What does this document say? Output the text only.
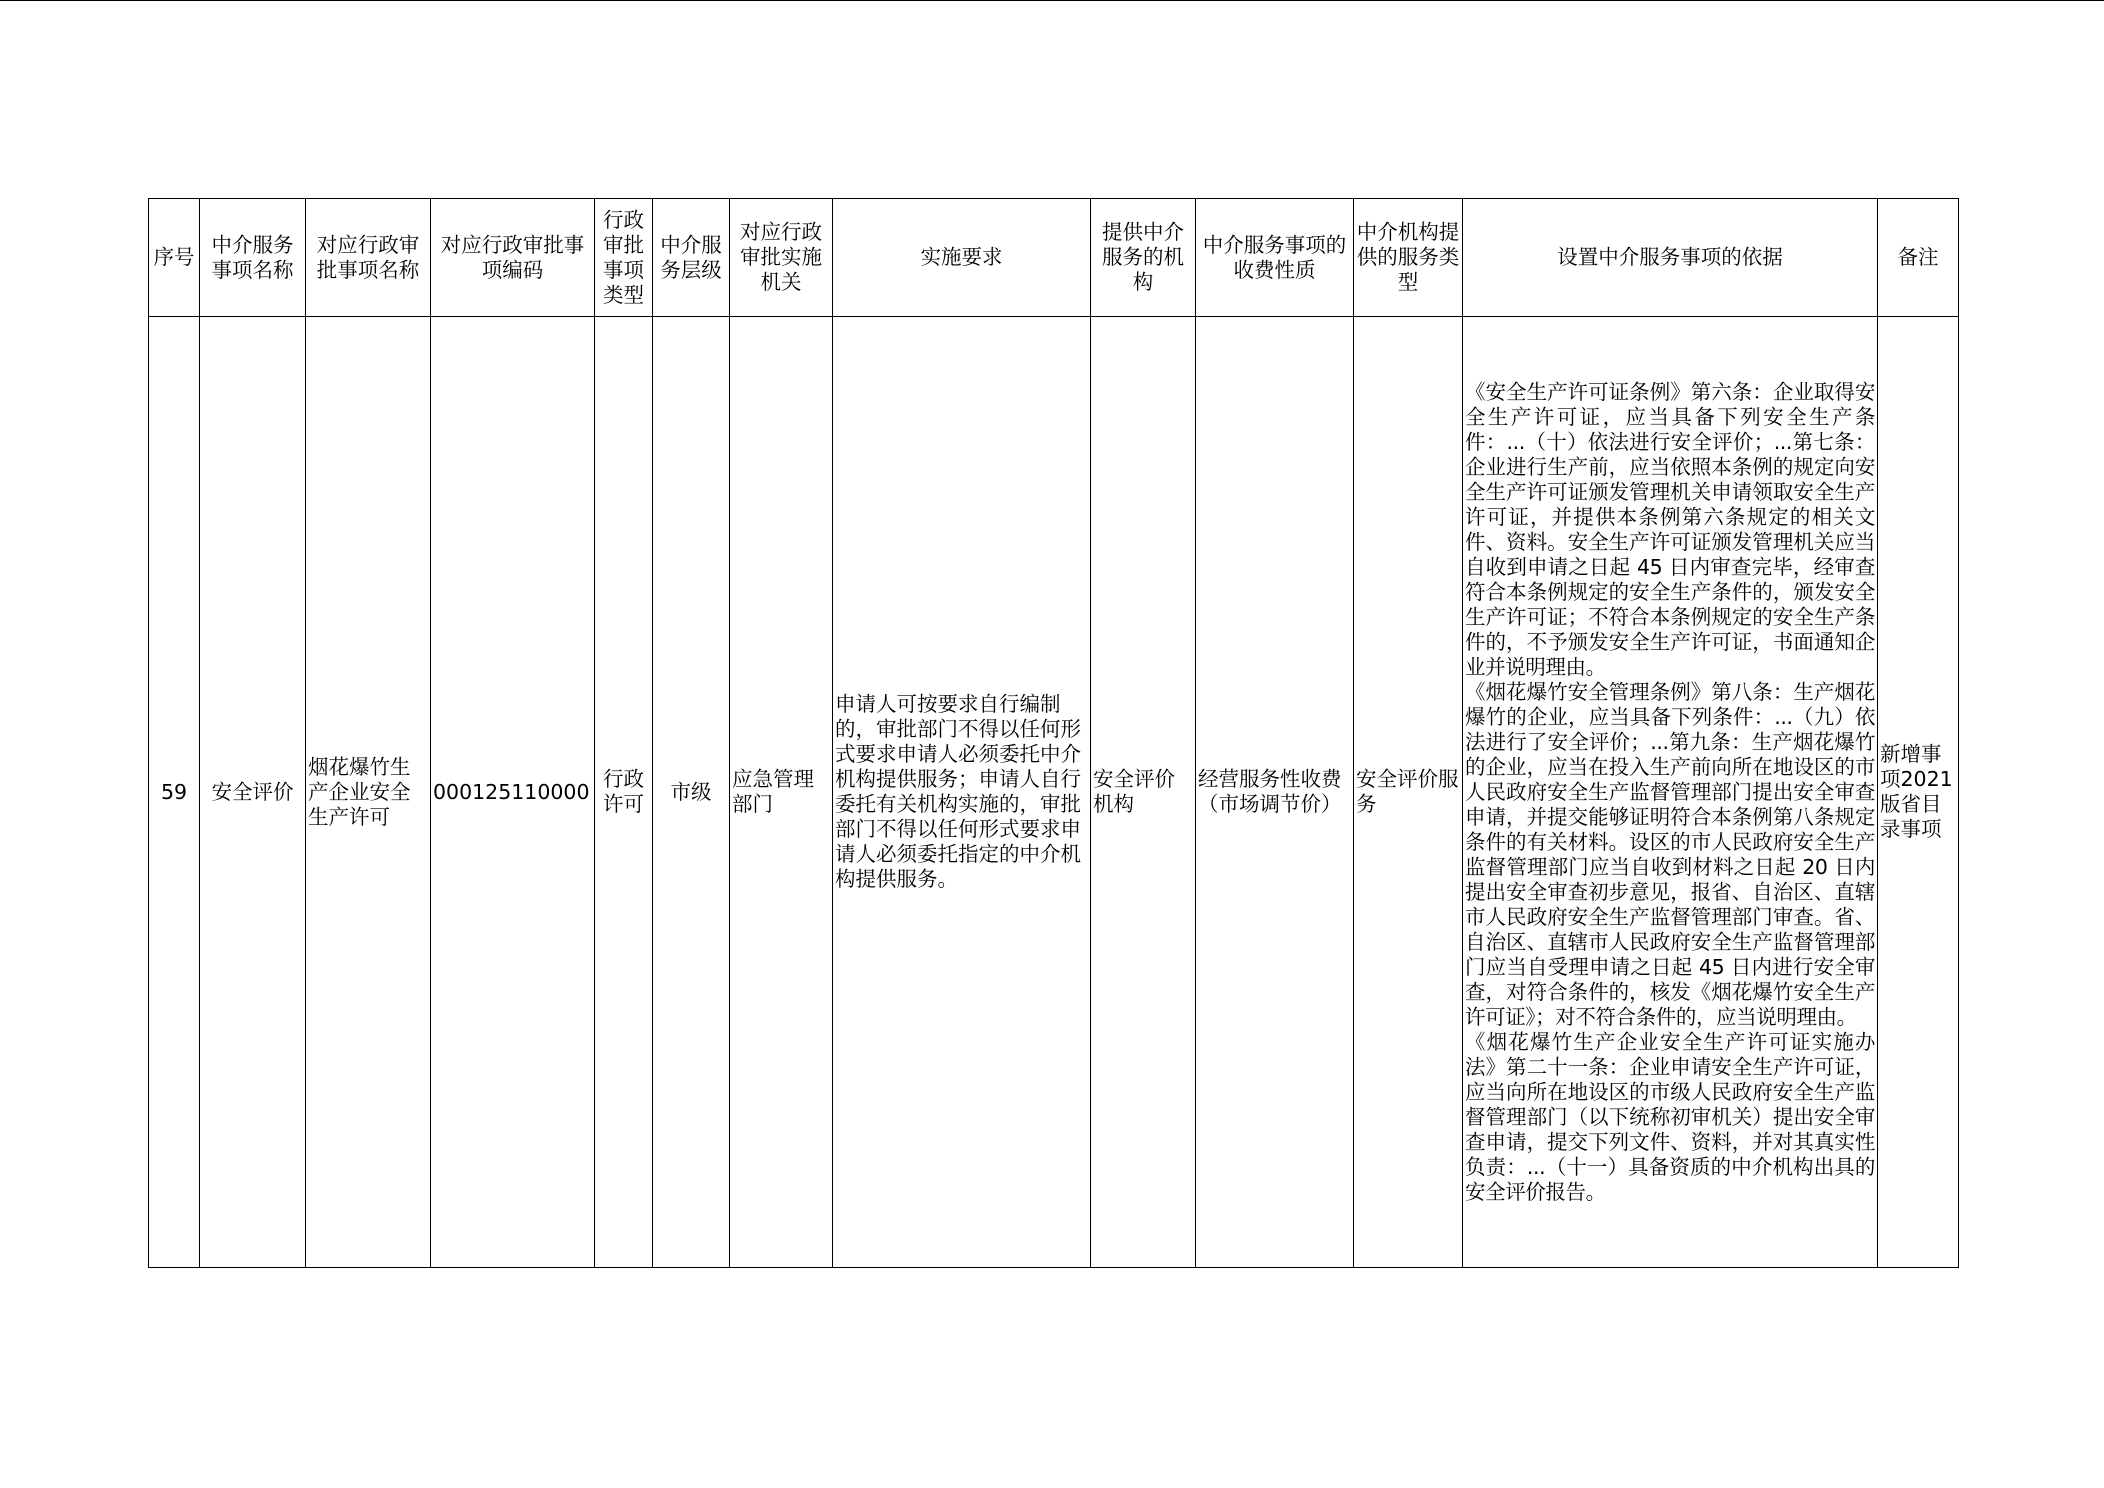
序号	中介服务事项名称	对应行政审批事项名称	对应行政审批事项编码	行政审批事项类型	中介服务层级	对应行政审批实施机关	实施要求	提供中介服务的机构	中介服务事项的收费性质	中介机构提供的服务类型	设置中介服务事项的依据	备注
59	安全评价	烟花爆竹生产企业安全生产许可	000125110000	行政许可	市级	应急管理部门	申请人可按要求自行编制的，审批部门不得以任何形式要求申请人必须委托中介机构提供服务；申请人自行委托有关机构实施的，审批部门不得以任何形式要求申请人必须委托指定的中介机构提供服务。	安全评价机构	经营服务性收费（市场调节价）	安全评价服务	《安全生产许可证条例》第六条：企业取得安全生产许可证，应当具备下列安全生产条件：...（十）依法进行安全评价；...第七条：企业进行生产前，应当依照本条例的规定向安全生产许可证颁发管理机关申请领取安全生产许可证，并提供本条例第六条规定的相关文件、资料。安全生产许可证颁发管理机关应当自收到申请之日起 45 日内审查完毕，经审查符合本条例规定的安全生产条件的，颁发安全生产许可证；不符合本条例规定的安全生产条件的，不予颁发安全生产许可证，书面通知企业并说明理由。
《烟花爆竹安全管理条例》第八条：生产烟花爆竹的企业，应当具备下列条件：...（九）依法进行了安全评价；...第九条：生产烟花爆竹的企业，应当在投入生产前向所在地设区的市人民政府安全生产监督管理部门提出安全审查申请，并提交能够证明符合本条例第八条规定条件的有关材料。设区的市人民政府安全生产监督管理部门应当自收到材料之日起 20 日内提出安全审查初步意见，报省、自治区、直辖市人民政府安全生产监督管理部门审查。省、自治区、直辖市人民政府安全生产监督管理部门应当自受理申请之日起 45 日内进行安全审查，对符合条件的，核发《烟花爆竹安全生产许可证》；对不符合条件的，应当说明理由。
《烟花爆竹生产企业安全生产许可证实施办法》第二十一条：企业申请安全生产许可证，应当向所在地设区的市级人民政府安全生产监督管理部门（以下统称初审机关）提出安全审查申请，提交下列文件、资料，并对其真实性负责：...（十一）具备资质的中介机构出具的安全评价报告。	新增事项2021版省目录事项
